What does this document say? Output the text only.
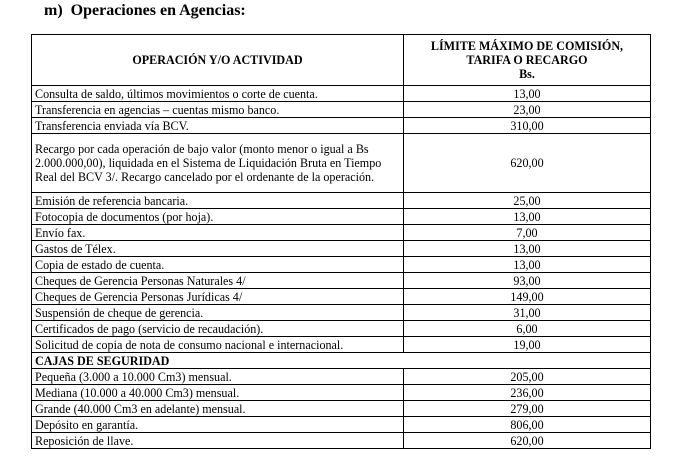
m) Operaciones en Agencias:
OPERACIÓN Y/O ACTIVIDAD	LÍMITE MÁXIMO DE COMISIÓN,
TARIFA O RECARGO
Bs.

Consulta de saldo, últimos movimientos o corte de cuenta.	13,00
Transferencia en agencias – cuentas mismo banco.	23,00
Transferencia enviada vía BCV.	310,00
Recargo por cada operación de bajo valor (monto menor o igual a Bs 2.000.000,00), liquidada en el Sistema de Liquidación Bruta en Tiempo Real del BCV 3/. Recargo cancelado por el ordenante de la operación.	620,00
Emisión de referencia bancaria.	25,00
Fotocopia de documentos (por hoja).	13,00
Envío fax.	7,00
Gastos de Télex.	13,00
Copia de estado de cuenta.	13,00
Cheques de Gerencia Personas Naturales 4/	93,00
Cheques de Gerencia Personas Jurídicas 4/	149,00
Suspensión de cheque de gerencia.	31,00
Certificados de pago (servicio de recaudación).	6,00
Solicitud de copia de nota de consumo nacional e internacional.	19,00
CAJAS DE SEGURIDAD	
Pequeña (3.000 a 10.000 Cm3) mensual.	205,00
Mediana (10.000 a 40.000 Cm3) mensual.	236,00
Grande (40.000 Cm3 en adelante) mensual.	279,00
Depósito en garantía.	806,00
Reposición de llave.	620,00
